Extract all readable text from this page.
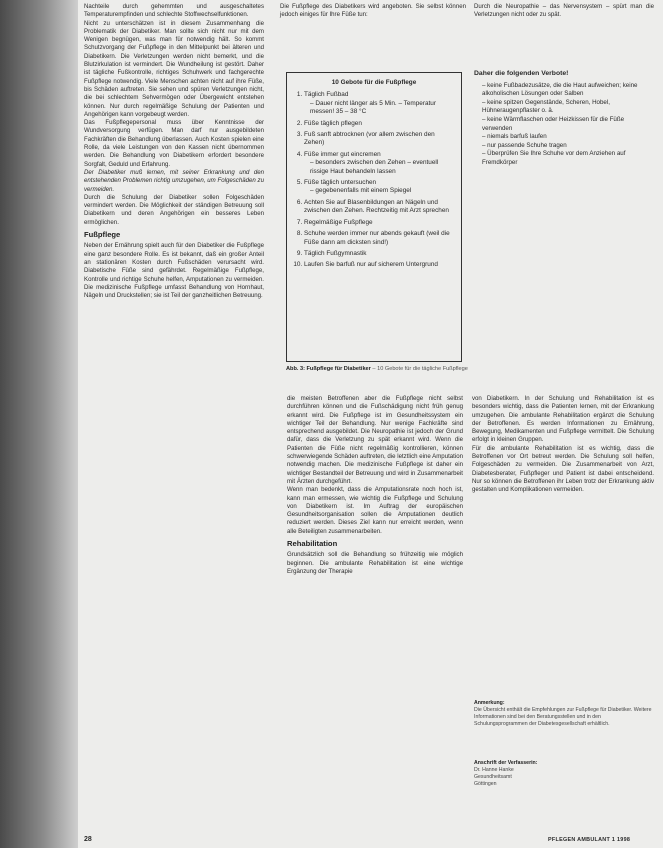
Nachteile durch gehemmten und ausgeschaltetes Temperaturempfinden und schlechte Stoffwechselfunktionen.

Nicht zu unterschätzen ist in diesem Zusammenhang die Problematik der Diabetiker. Man sollte sich nicht nur mit dem Wenigen begnügen, was man für notwendig hält. So kommt Schutzvorgang der Fußpflege in den Mittelpunkt bei älteren und Diabetikern. Die Verletzungen werden nicht bemerkt, und die Blutzirkulation ist vermindert. Die Wundheilung ist gestört. Daher ist tägliche Fußkontrolle, richtiges Schuhwerk und fachgerechte Fußpflege notwendig. Viele Menschen achten nicht auf ihre Füße, bis Schäden auftreten. Sie sehen und spüren Verletzungen nicht, die bei schlechtem Sehvermögen oder Übergewicht entstehen können. Nur durch regelmäßige Schulung der Patienten und Angehörigen kann vorgebeugt werden.

Das Fußpflegepersonal muss über Kenntnisse der Wundversorgung verfügen. Man darf nur ausgebildeten Fachkräften die Behandlung überlassen. Auch Kosten spielen eine Rolle, da viele Leistungen von den Kassen nicht übernommen werden. Die Behandlung von Diabetikern erfordert besondere Sorgfalt, Geduld und Erfahrung.

Der Diabetiker muß lernen, mit seiner Erkrankung und den entstehenden Problemen richtig umzugehen, um Folgeschäden zu vermeiden.

Durch die Schulung der Diabetiker sollen Folgeschäden vermindert werden. Die Möglichkeit der ständigen Betreuung soll Diabetikern und deren Angehörigen ein besseres Leben ermöglichen.

Fußpflege

Neben der Ernährung spielt auch für den Diabetiker die Fußpflege eine ganz besondere Rolle. Es ist bekannt, daß ein großer Anteil an stationären Kosten durch Fußschäden verursacht wird. Diabetische Füße sind gefährdet. Regelmäßige Fußpflege, Kontrolle und richtige Schuhe helfen, Amputationen zu vermeiden. Die medizinische Fußpflege umfasst Behandlung von Hornhaut, Nägeln und Druckstellen; sie ist Teil der ganzheitlichen Betreuung.

Die Fußpflege des Diabetikers wird angeboten. Sie selbst können jedoch einiges für Ihre Füße tun:

10 Gebote für die Fußpflege
1. Täglich Fußbad
– Dauer nicht länger als 5 Min. – Temperatur messen! 35 – 38 °C
2. Füße täglich pflegen
3. Fuß sanft abtrocknen (vor allem zwischen den Zehen)
4. Füße immer gut eincremen
– besonders zwischen den Zehen – eventuell rissige Haut behandeln lassen
5. Füße täglich untersuchen
– gegebenenfalls mit einem Spiegel
6. Achten Sie auf Blasenbildungen an Nägeln und zwischen den Zehen. Rechtzeitig mit Arzt sprechen
7. Regelmäßige Fußpflege
8. Schuhe werden immer nur abends gekauft (weil die Füße dann am dicksten sind!)
9. Täglich Fußgymnastik
10. Laufen Sie barfuß nur auf sicherem Untergrund
Abb. 3: Fußpflege für Diabetiker – 10 Gebote für die tägliche Fußpflege

Durch die Neuropathie – das Nervensystem – spürt man die Verletzungen nicht oder zu spät.

Daher die folgenden Verbote!
– keine Fußbadezusätze, die die Haut aufweichen; keine alkoholischen Lösungen oder Salben
– keine spitzen Gegenstände, Scheren, Hobel, Hühneraugenpflaster o. ä.
– keine Wärmflaschen oder Heizkissen für die Füße verwenden
– niemals barfuß laufen
– nur passende Schuhe tragen
– Überprüfen Sie Ihre Schuhe vor dem Anziehen auf Fremdkörper

die meisten Betroffenen aber die Fußpflege nicht selbst durchführen können und die Fußschädigung nicht früh genug erkannt wird. Die Fußpflege ist im Gesundheitssystem ein wichtiger Teil der Behandlung. Nur wenige Fachkräfte sind entsprechend ausgebildet. Die Neuropathie ist jedoch der Grund dafür, dass die Verletzung zu spät erkannt wird. Wenn die Patienten die Füße nicht regelmäßig kontrollieren, können schwerwiegende Schäden auftreten, die letztlich eine Amputation notwendig machen. Die medizinische Fußpflege ist daher ein wichtiger Bestandteil der Betreuung und wird in Zusammenarbeit mit Ärzten durchgeführt.

Wenn man bedenkt, dass die Amputationsrate noch hoch ist, kann man ermessen, wie wichtig die Fußpflege und Schulung von Diabetikern ist. Im Auftrag der europäischen Gesundheitsorganisation sollen die Amputationen deutlich reduziert werden. Dieses Ziel kann nur erreicht werden, wenn alle Beteiligten zusammenarbeiten.

Rehabilitation

Grundsätzlich soll die Behandlung so frühzeitig wie möglich beginnen. Die ambulante Rehabilitation ist eine wichtige Ergänzung der Therapie

von Diabetikern. In der Schulung und Rehabilitation ist es besonders wichtig, dass die Patienten lernen, mit der Erkrankung umzugehen. Die ambulante Rehabilitation ergänzt die Schulung der Betroffenen. Es werden Informationen zu Ernährung, Bewegung, Medikamenten und Fußpflege vermittelt. Die Schulung erfolgt in kleinen Gruppen.

Für die ambulante Rehabilitation ist es wichtig, dass die Betroffenen vor Ort betreut werden. Die Schulung soll helfen, Folgeschäden zu vermeiden. Die Zusammenarbeit von Arzt, Diabetesberater, Fußpfleger und Patient ist dabei entscheidend. Nur so können die Betroffenen ihr Leben trotz der Erkrankung aktiv gestalten und Komplikationen vermeiden.

Anmerkung:
Die Übersicht enthält die Empfehlungen zur Fußpflege für Diabetiker. Weitere Informationen sind bei den Beratungsstellen und in den Schulungsprogrammen der Diabetesgesellschaft erhältlich.
Anschrift der Verfasserin:
Dr. Hanne Hanke
Gesundheitsamt
Göttingen
28	PFLEGEN AMBULANT 1 1998
